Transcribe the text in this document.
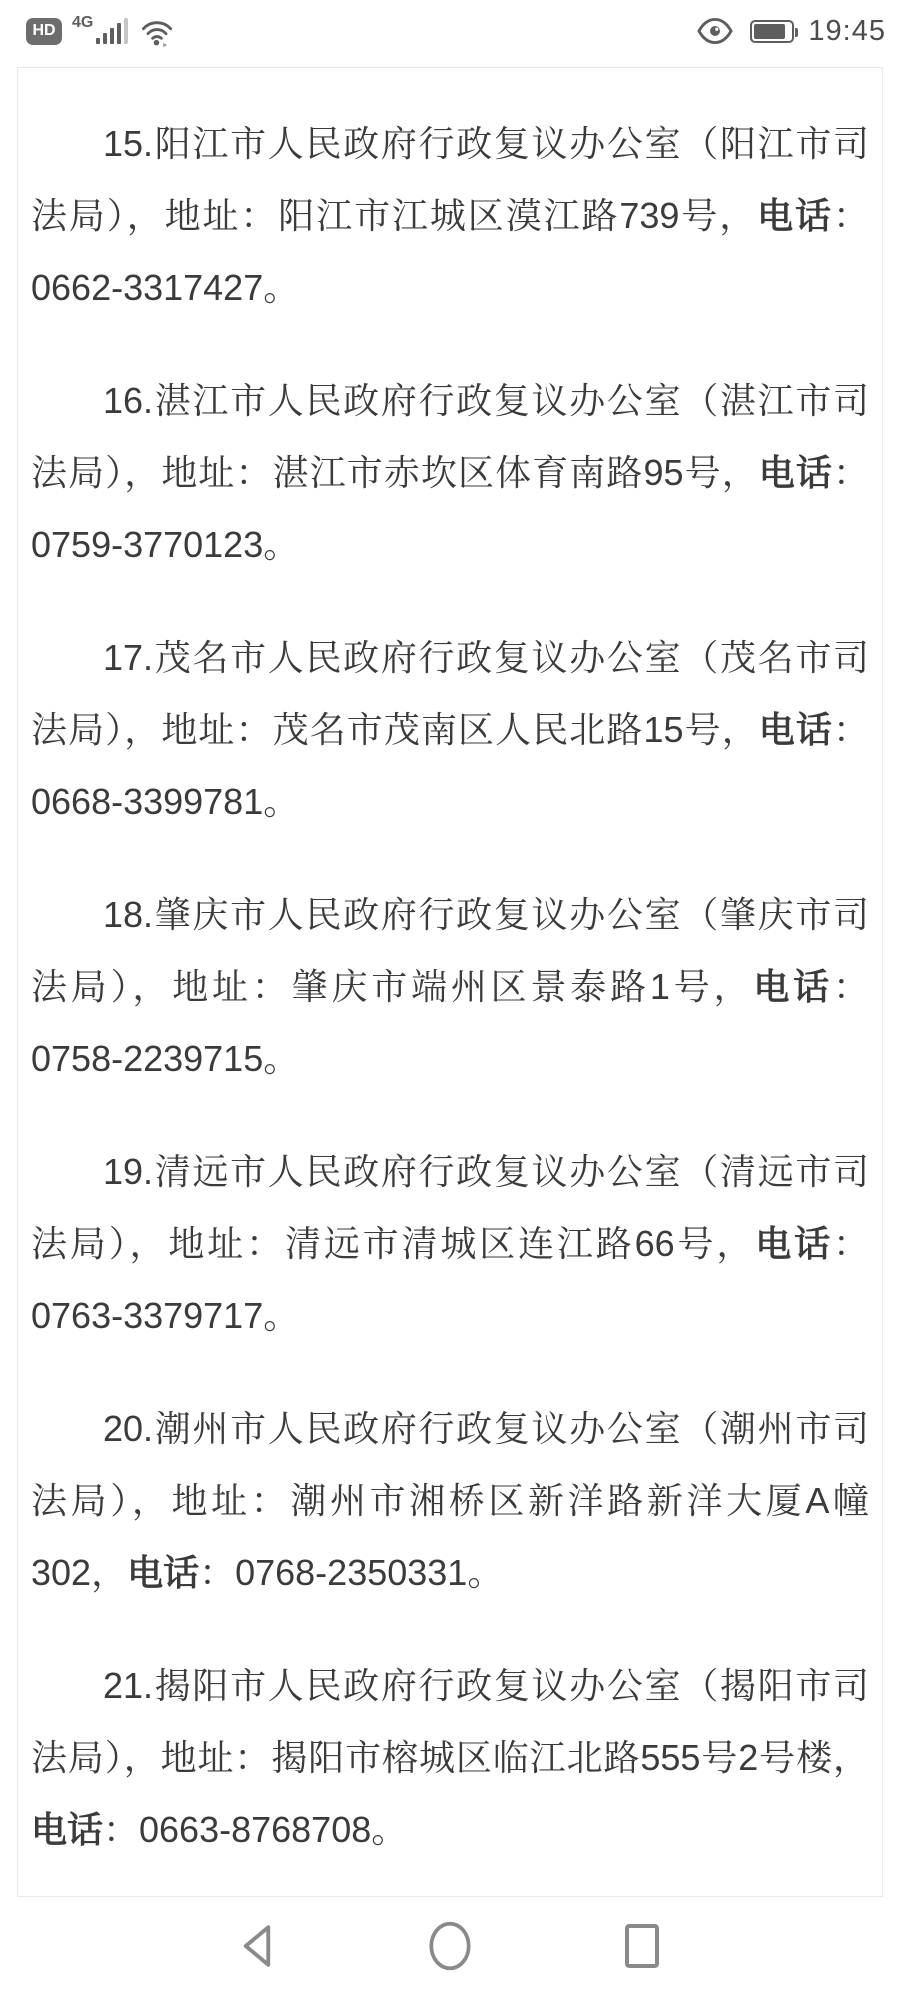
HD	4G	19:45

15.阳江市人民政府行政复议办公室（阳江市司法局），地址：阳江市江城区漠江路739号，电话：0662-3317427。

16.湛江市人民政府行政复议办公室（湛江市司法局），地址：湛江市赤坎区体育南路95号，电话：0759-3770123。

17.茂名市人民政府行政复议办公室（茂名市司法局），地址：茂名市茂南区人民北路15号，电话：0668-3399781。

18.肇庆市人民政府行政复议办公室（肇庆市司法局），地址：肇庆市端州区景泰路1号，电话：0758-2239715。

19.清远市人民政府行政复议办公室（清远市司法局），地址：清远市清城区连江路66号，电话：0763-3379717。

20.潮州市人民政府行政复议办公室（潮州市司法局），地址：潮州市湘桥区新洋路新洋大厦A幢302，电话：0768-2350331。

21.揭阳市人民政府行政复议办公室（揭阳市司法局），地址：揭阳市榕城区临江北路555号2号楼，电话：0663-8768708。
